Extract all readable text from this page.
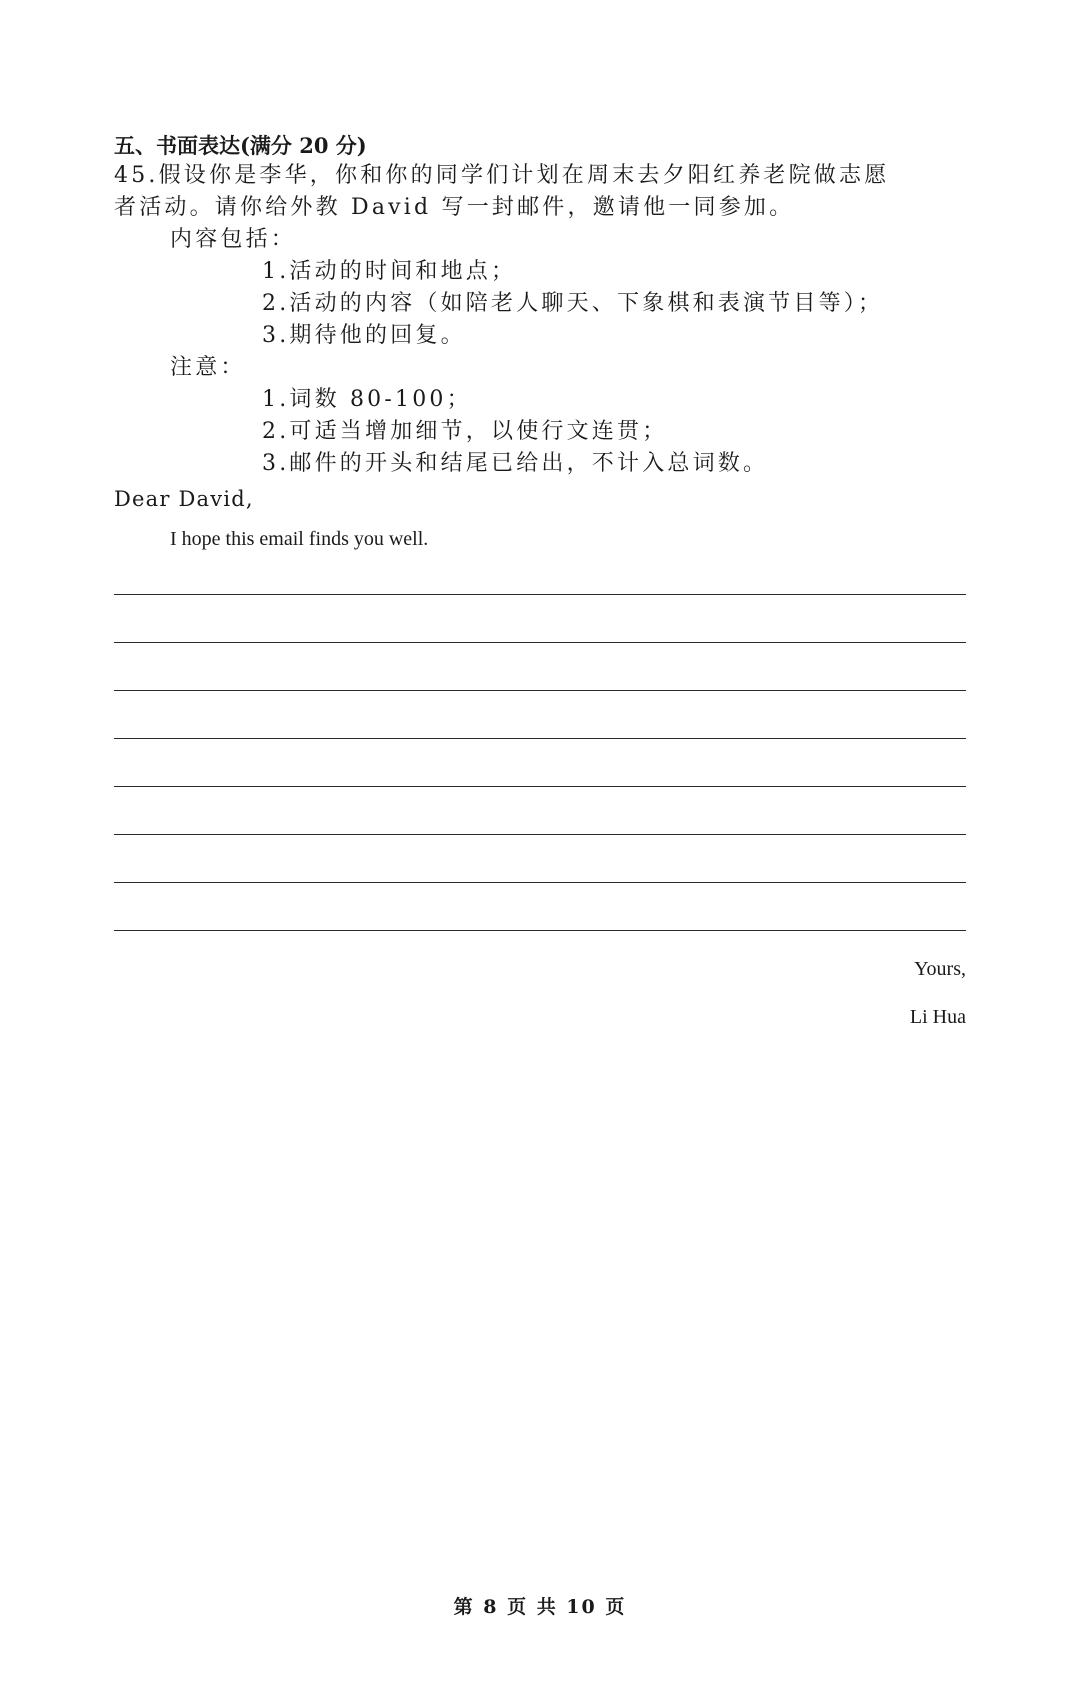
五、书面表达(满分 20 分)
45.假设你是李华，你和你的同学们计划在周末去夕阳红养老院做志愿
者活动。请你给外教 David 写一封邮件，邀请他一同参加。
内容包括：
1.活动的时间和地点；
2.活动的内容（如陪老人聊天、下象棋和表演节目等）；
3.期待他的回复。
注意：
1.词数 80-100；
2.可适当增加细节，以使行文连贯；
3.邮件的开头和结尾已给出，不计入总词数。
Dear David,
I hope this email finds you well.
Yours,
Li Hua
第 8 页 共 10 页
